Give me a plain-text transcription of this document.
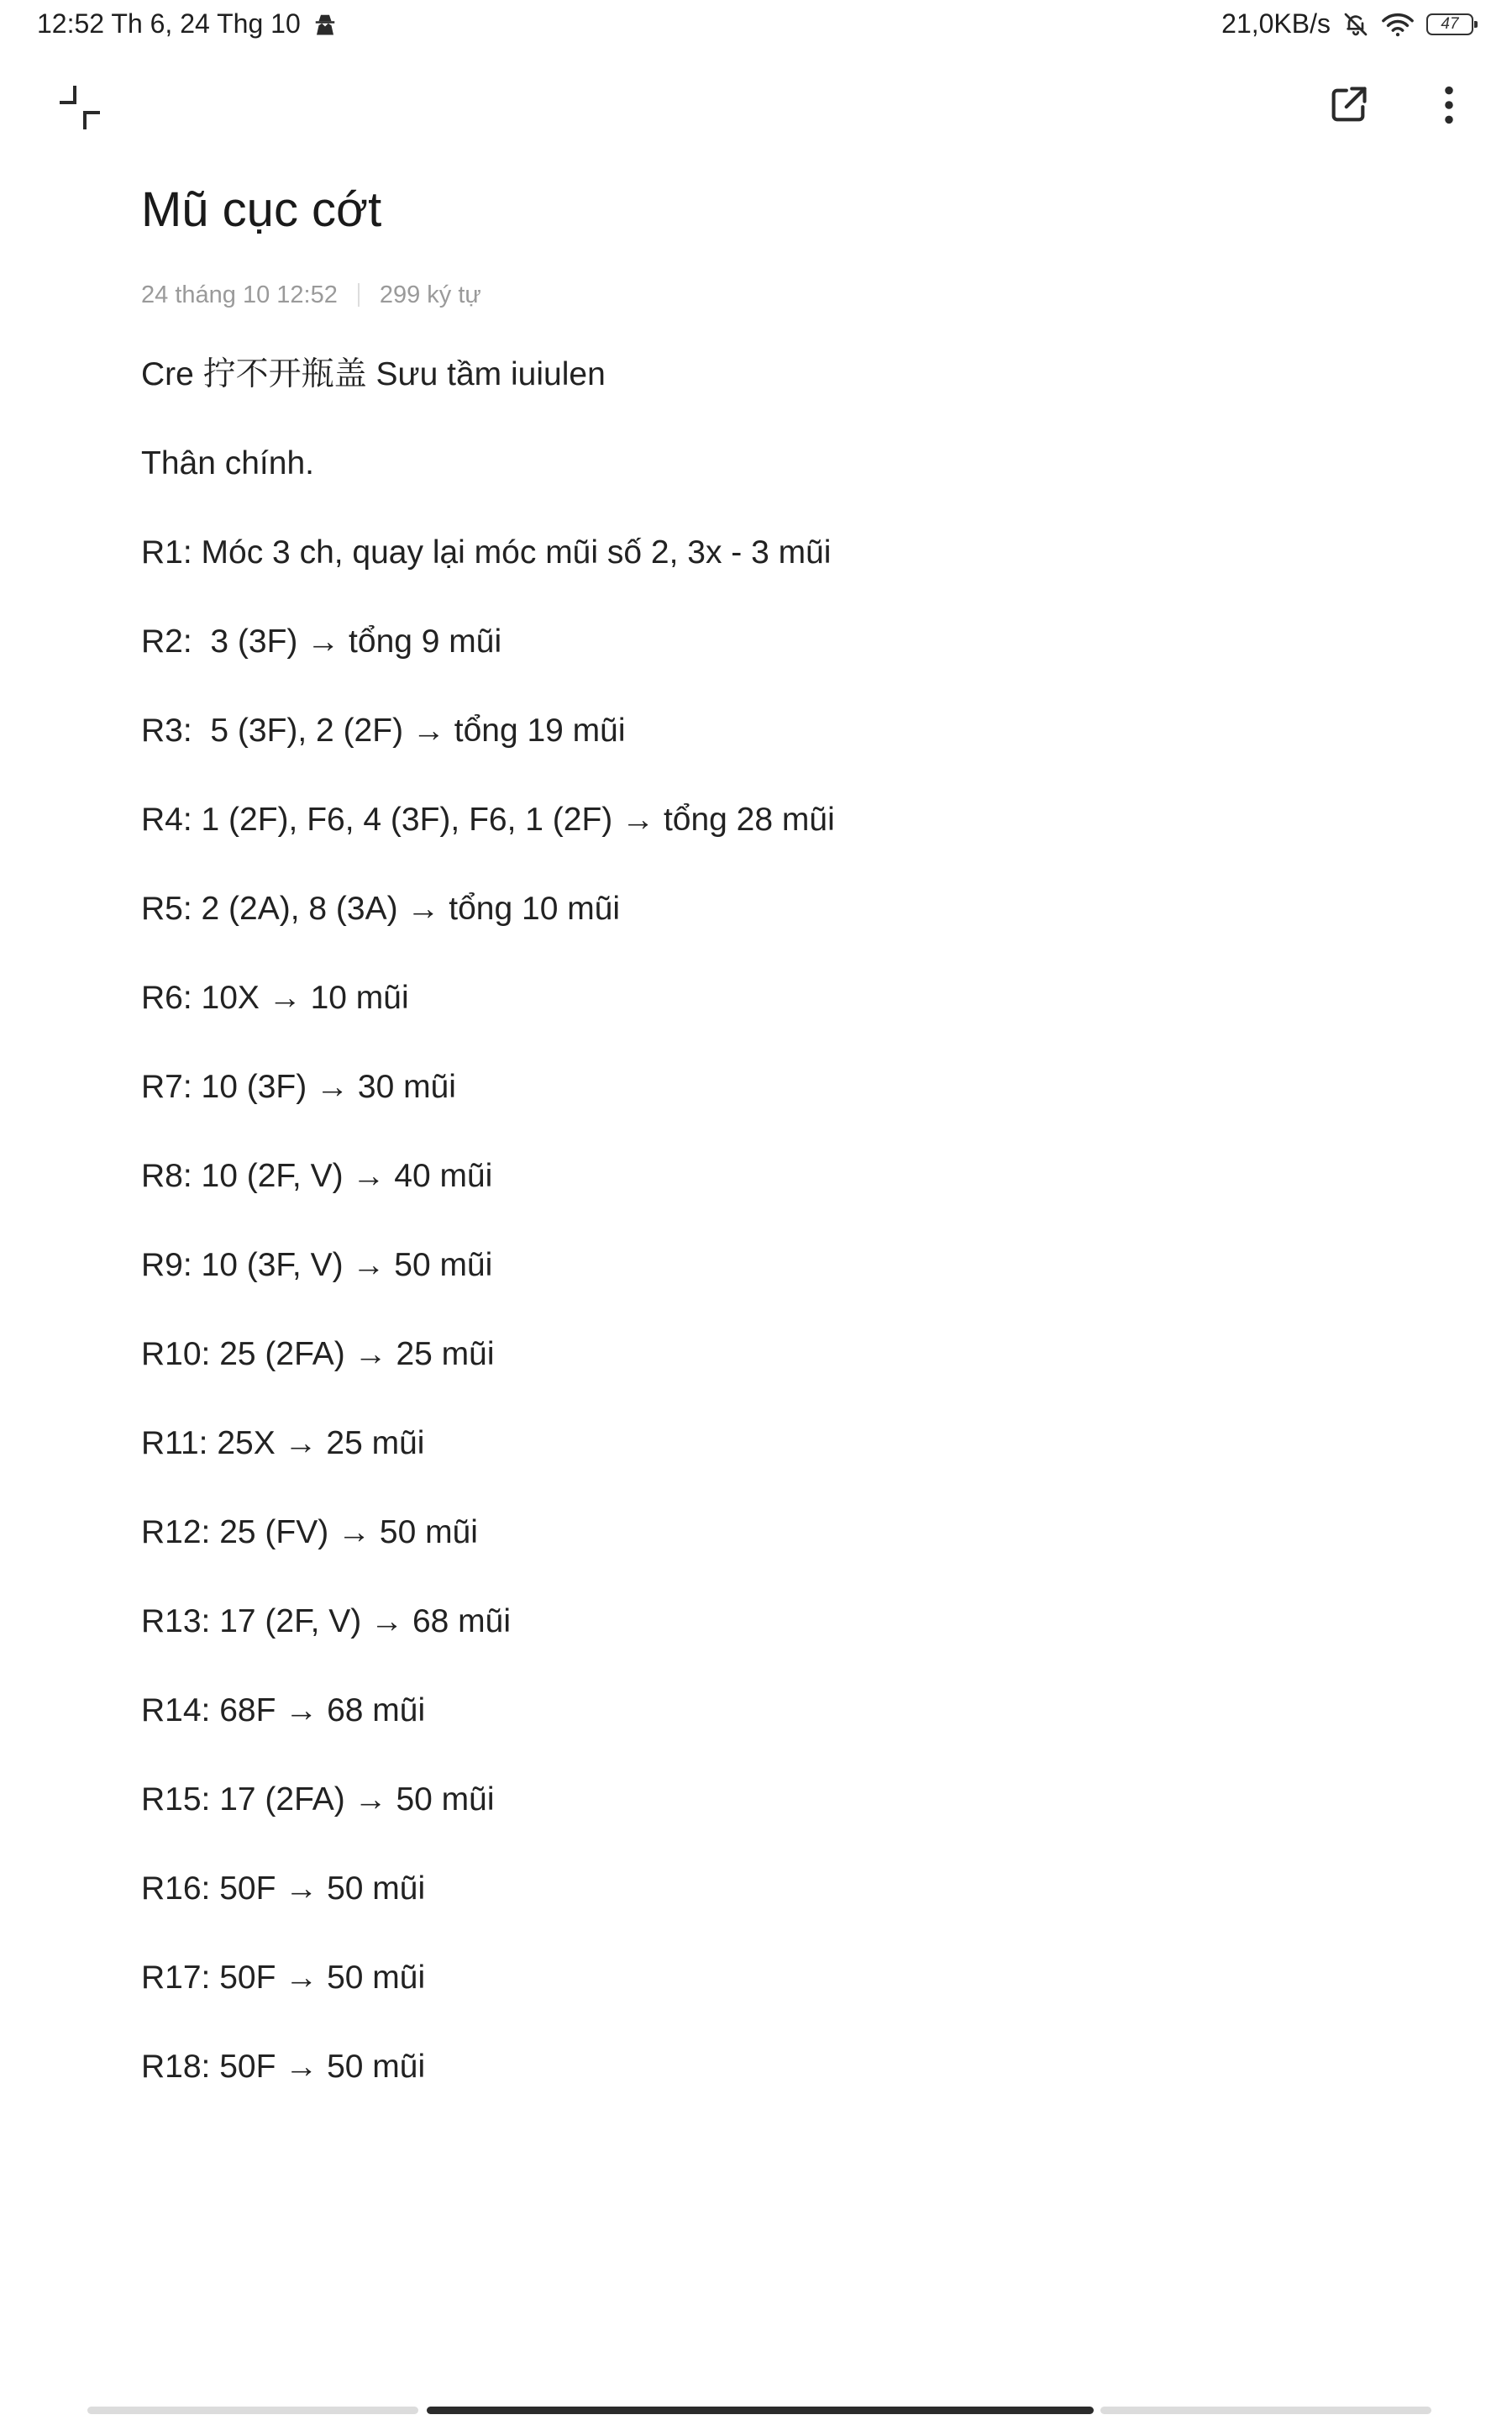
12:52 Th 6, 24 Thg 10	21,0KB/s	47
Mũ cục cớt
24 tháng 10 12:52 299 ký tự
Cre 拧不开瓶盖 Sưu tầm iuiulen
Thân chính.
R1: Móc 3 ch, quay lại móc mũi số 2, 3x - 3 mũi
R2:  3 (3F) → tổng 9 mũi
R3:  5 (3F), 2 (2F) → tổng 19 mũi
R4: 1 (2F), F6, 4 (3F), F6, 1 (2F) → tổng 28 mũi
R5: 2 (2A), 8 (3A) → tổng 10 mũi
R6: 10X → 10 mũi
R7: 10 (3F) → 30 mũi
R8: 10 (2F, V) → 40 mũi
R9: 10 (3F, V) → 50 mũi
R10: 25 (2FA) → 25 mũi
R11: 25X → 25 mũi
R12: 25 (FV) → 50 mũi
R13: 17 (2F, V) → 68 mũi
R14: 68F → 68 mũi
R15: 17 (2FA) → 50 mũi
R16: 50F → 50 mũi
R17: 50F → 50 mũi
R18: 50F → 50 mũi
